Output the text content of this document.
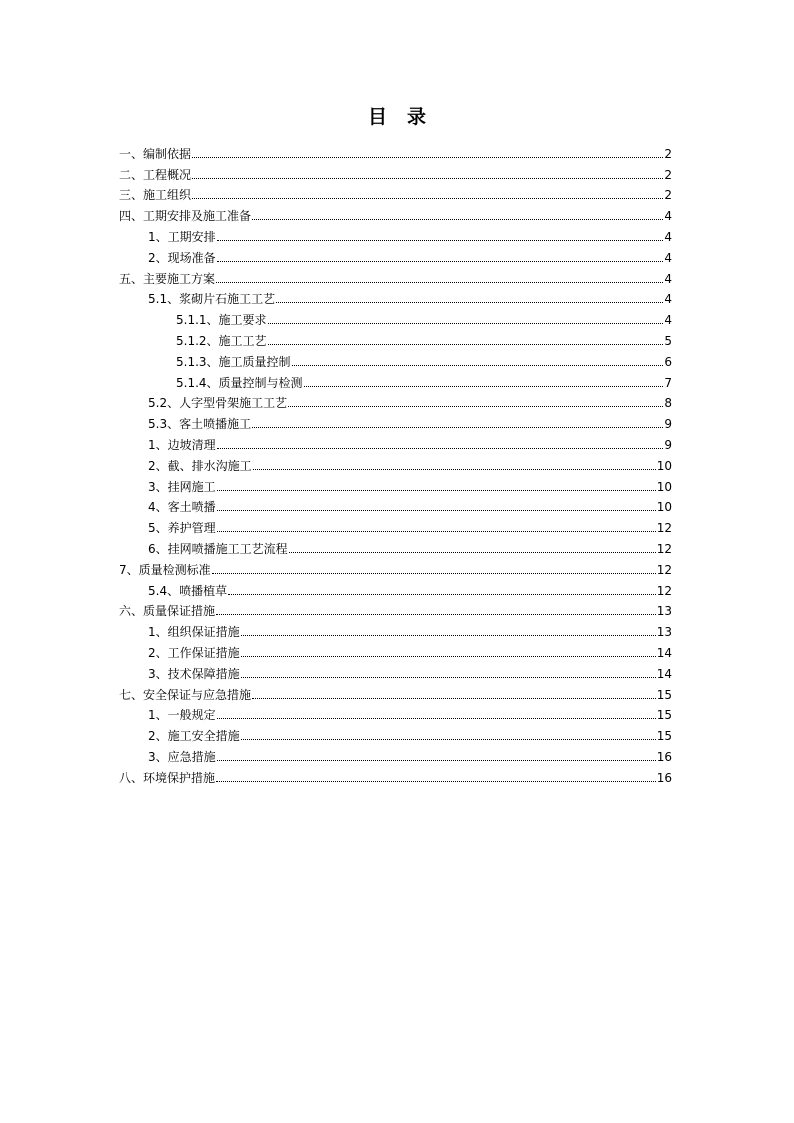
目 录
一、编制依据	2
二、工程概况	2
三、施工组织	2
四、工期安排及施工准备	4
1、工期安排	4
2、现场准备	4
五、主要施工方案	4
5.1、浆砌片石施工工艺	4
5.1.1、施工要求	4
5.1.2、施工工艺	5
5.1.3、施工质量控制	6
5.1.4、质量控制与检测	7
5.2、人字型骨架施工工艺	8
5.3、客土喷播施工	9
1、边坡清理	9
2、截、排水沟施工	10
3、挂网施工	10
4、客土喷播	10
5、养护管理	12
6、挂网喷播施工工艺流程	12
7、质量检测标准	12
5.4、喷播植草	12
六、质量保证措施	13
1、组织保证措施	13
2、工作保证措施	14
3、技术保障措施	14
七、安全保证与应急措施	15
1、一般规定	15
2、施工安全措施	15
3、应急措施	16
八、环境保护措施	16
